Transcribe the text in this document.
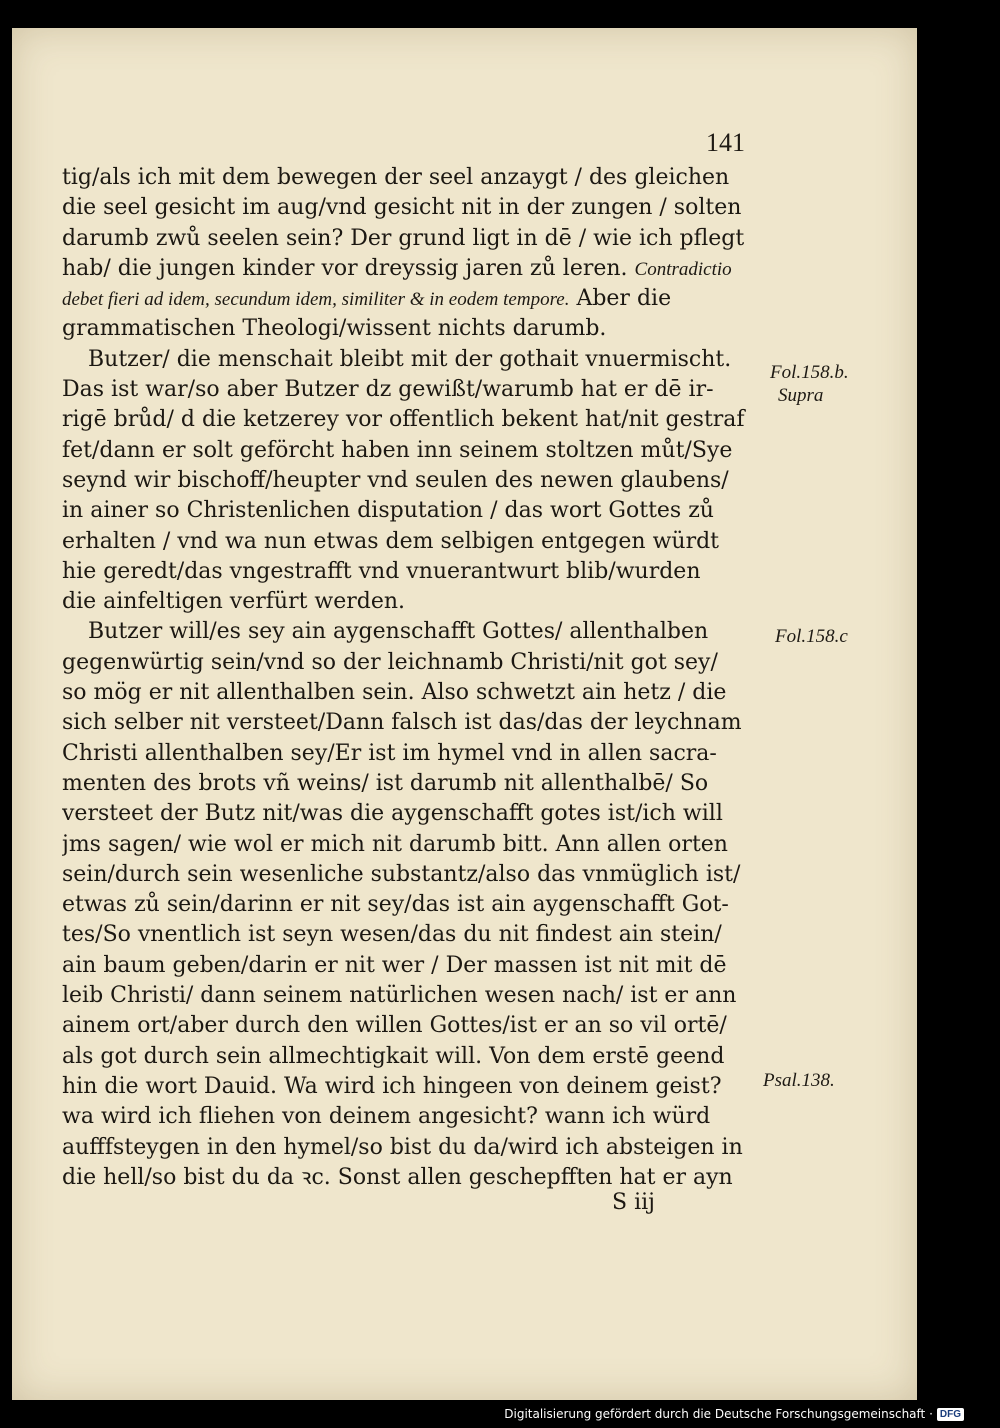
141

tig/als ich mit dem bewegen der seel anzaygt / des gleichen
die seel gesicht im aug/vnd gesicht nit in der zungen / solten
darumb zwů seelen sein? Der grund ligt in dē / wie ich pflegt
hab/ die jungen kinder vor dreyssig jaren zů leren. Contradictio
debet fieri ad idem, secundum idem, similiter & in eodem tempore. Aber die
grammatischen Theologi/wissent nichts darumb.
Butzer/ die menschait bleibt mit der gothait vnuermischt.
Das ist war/so aber Butzer dz gewißt/warumb hat er dē ir-
rigē brůd/ d die ketzerey vor offentlich bekent hat/nit gestraf
fet/dann er solt geförcht haben inn seinem stoltzen můt/Sye
seynd wir bischoff/heupter vnd seulen des newen glaubens/
in ainer so Christenlichen disputation / das wort Gottes zů
erhalten / vnd wa nun etwas dem selbigen entgegen würdt
hie geredt/das vngestrafft vnd vnuerantwurt blib/wurden
die ainfeltigen verfürt werden.
Butzer will/es sey ain aygenschafft Gottes/ allenthalben
gegenwürtig sein/vnd so der leichnamb Christi/nit got sey/
so mög er nit allenthalben sein. Also schwetzt ain hetz / die
sich selber nit versteet/Dann falsch ist das/das der leychnam
Christi allenthalben sey/Er ist im hymel vnd in allen sacra-
menten des brots vñ weins/ ist darumb nit allenthalbē/ So
versteet der Butz nit/was die aygenschafft gotes ist/ich will
jms sagen/ wie wol er mich nit darumb bitt. Ann allen orten
sein/durch sein wesenliche substantz/also das vnmüglich ist/
etwas zů sein/darinn er nit sey/das ist ain aygenschafft Got-
tes/So vnentlich ist seyn wesen/das du nit findest ain stein/
ain baum geben/darin er nit wer / Der massen ist nit mit dē
leib Christi/ dann seinem natürlichen wesen nach/ ist er ann
ainem ort/aber durch den willen Gottes/ist er an so vil ortē/
als got durch sein allmechtigkait will. Von dem erstē geend
hin die wort Dauid. Wa wird ich hingeen von deinem geist?
wa wird ich fliehen von deinem angesicht? wann ich würd
aufffsteygen in den hymel/so bist du da/wird ich absteigen in
die hell/so bist du da ꝛc. Sonst allen geschepfften hat er ayn

Fol.158.b.

Supra

Fol.158.c

Psal.138.

S iij

Digitalisierung gefördert durch die Deutsche Forschungsgemeinschaft · DFG
